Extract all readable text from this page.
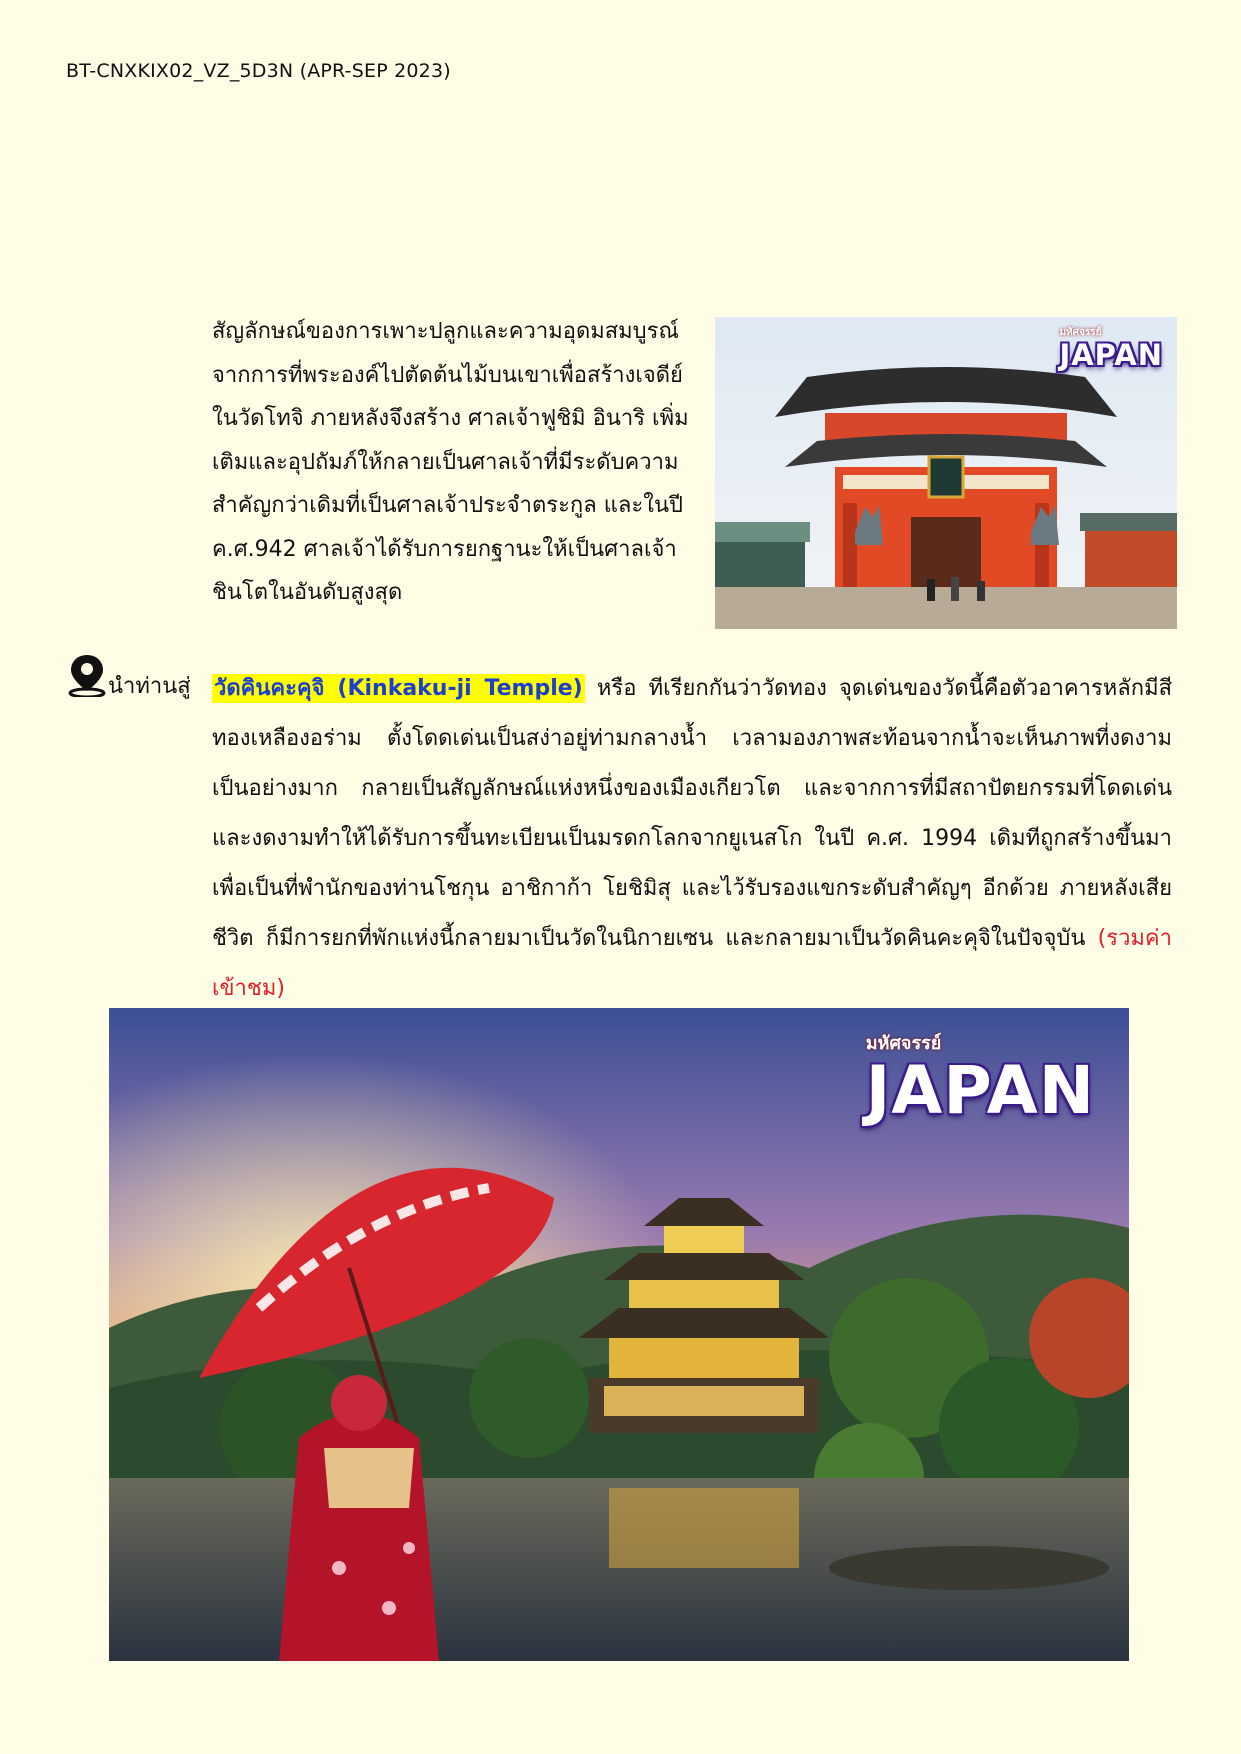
BT-CNXKIX02_VZ_5D3N (APR-SEP 2023)

สัญลักษณ์ของการเพาะปลูกและความอุดมสมบูรณ์ จากการที่พระองค์ไปตัดต้นไม้บนเขาเพื่อสร้างเจดีย์ในวัดโทจิ ภายหลังจึงสร้าง ศาลเจ้าฟูชิมิ อินาริ เพิ่มเติมและอุปถัมภ์ให้กลายเป็นศาลเจ้าที่มีระดับความสำคัญกว่าเดิมที่เป็นศาลเจ้าประจำตระกูล และในปี ค.ศ.942 ศาลเจ้าได้รับการยกฐานะให้เป็นศาลเจ้าชินโตในอันดับสูงสุด

มหัศจรรย์
JAPAN
นำท่านสู่ วัดคินคะคุจิ (Kinkaku-ji Temple) หรือ ทีเรียกกันว่าวัดทอง จุดเด่นของวัดนี้คือตัวอาคารหลักมีสีทองเหลืองอร่าม ตั้งโดดเด่นเป็นสง่าอยู่ท่ามกลางน้ำ เวลามองภาพสะท้อนจากน้ำจะเห็นภาพที่งดงามเป็นอย่างมาก กลายเป็นสัญลักษณ์แห่งหนึ่งของเมืองเกียวโต และจากการที่มีสถาปัตยกรรมที่โดดเด่นและงดงามทำให้ได้รับการขึ้นทะเบียนเป็นมรดกโลกจากยูเนสโก ในปี ค.ศ. 1994 เดิมทีถูกสร้างขึ้นมาเพื่อเป็นที่พำนักของท่านโชกุน อาชิกาก้า โยชิมิสุ และไว้รับรองแขกระดับสำคัญๆ อีกด้วย ภายหลังเสียชีวิต ก็มีการยกที่พักแห่งนี้กลายมาเป็นวัดในนิกายเซน และกลายมาเป็นวัดคินคะคุจิในปัจจุบัน (รวมค่าเข้าชม)

มหัศจรรย์
JAPAN
